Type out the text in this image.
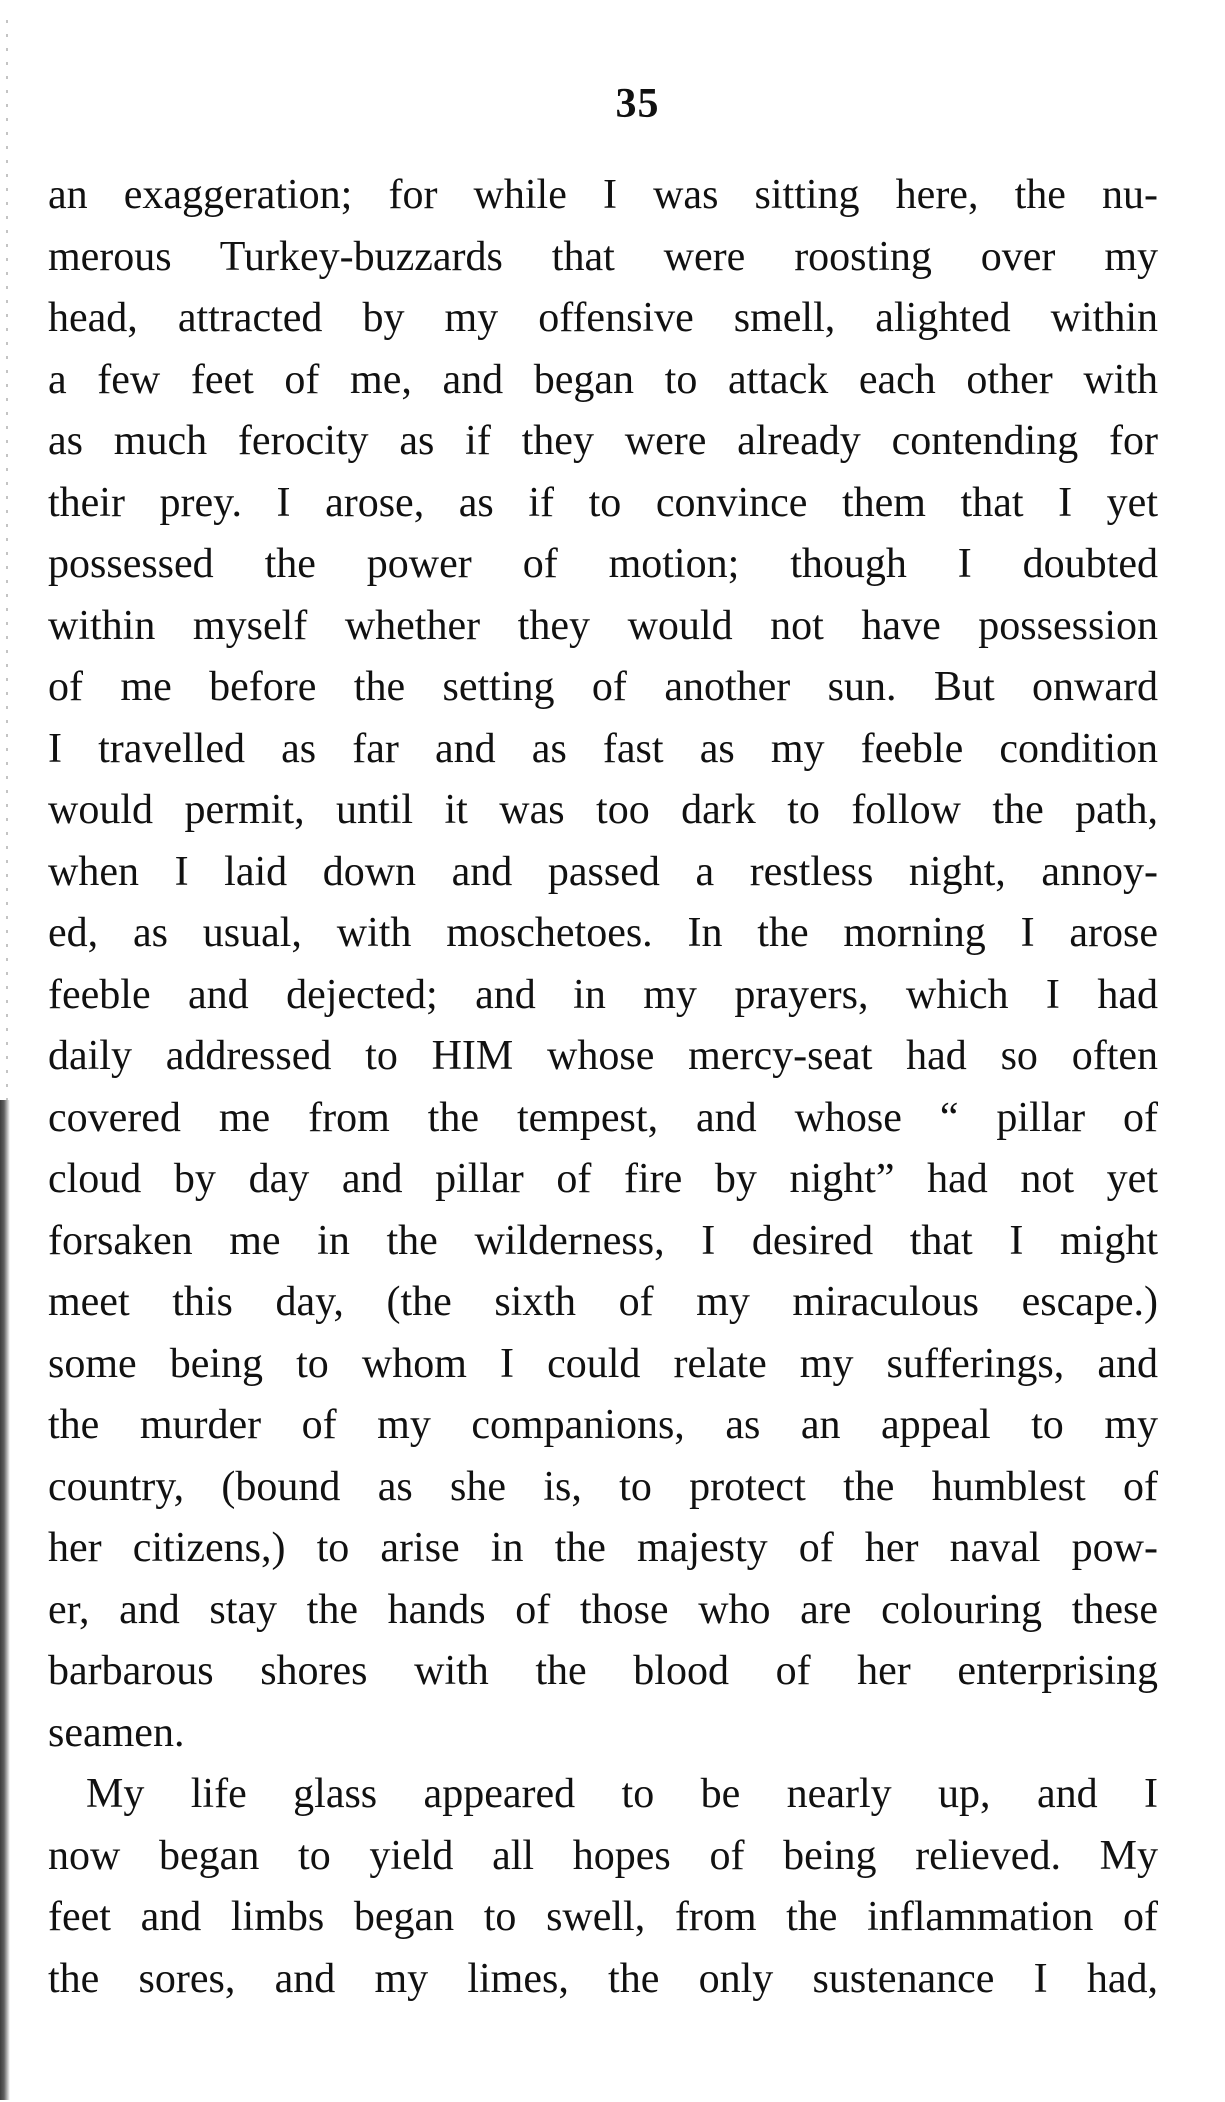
35
an exaggeration; for while I was sitting here, the nu-
merous Turkey-buzzards that were roosting over my
head, attracted by my offensive smell, alighted within
a few feet of me, and began to attack each other with
as much ferocity as if they were already contending for
their prey. I arose, as if to convince them that I yet
possessed the power of motion; though I doubted
within myself whether they would not have possession
of me before the setting of another sun. But onward
I travelled as far and as fast as my feeble condition
would permit, until it was too dark to follow the path,
when I laid down and passed a restless night, annoy-
ed, as usual, with moschetoes. In the morning I arose
feeble and dejected; and in my prayers, which I had
daily addressed to HIM whose mercy-seat had so often
covered me from the tempest, and whose “ pillar of
cloud by day and pillar of fire by night” had not yet
forsaken me in the wilderness, I desired that I might
meet this day, (the sixth of my miraculous escape.)
some being to whom I could relate my sufferings, and
the murder of my companions, as an appeal to my
country, (bound as she is, to protect the humblest of
her citizens,) to arise in the majesty of her naval pow-
er, and stay the hands of those who are colouring these
barbarous shores with the blood of her enterprising
seamen.
My life glass appeared to be nearly up, and I
now began to yield all hopes of being relieved. My
feet and limbs began to swell, from the inflammation of
the sores, and my limes, the only sustenance I had,
